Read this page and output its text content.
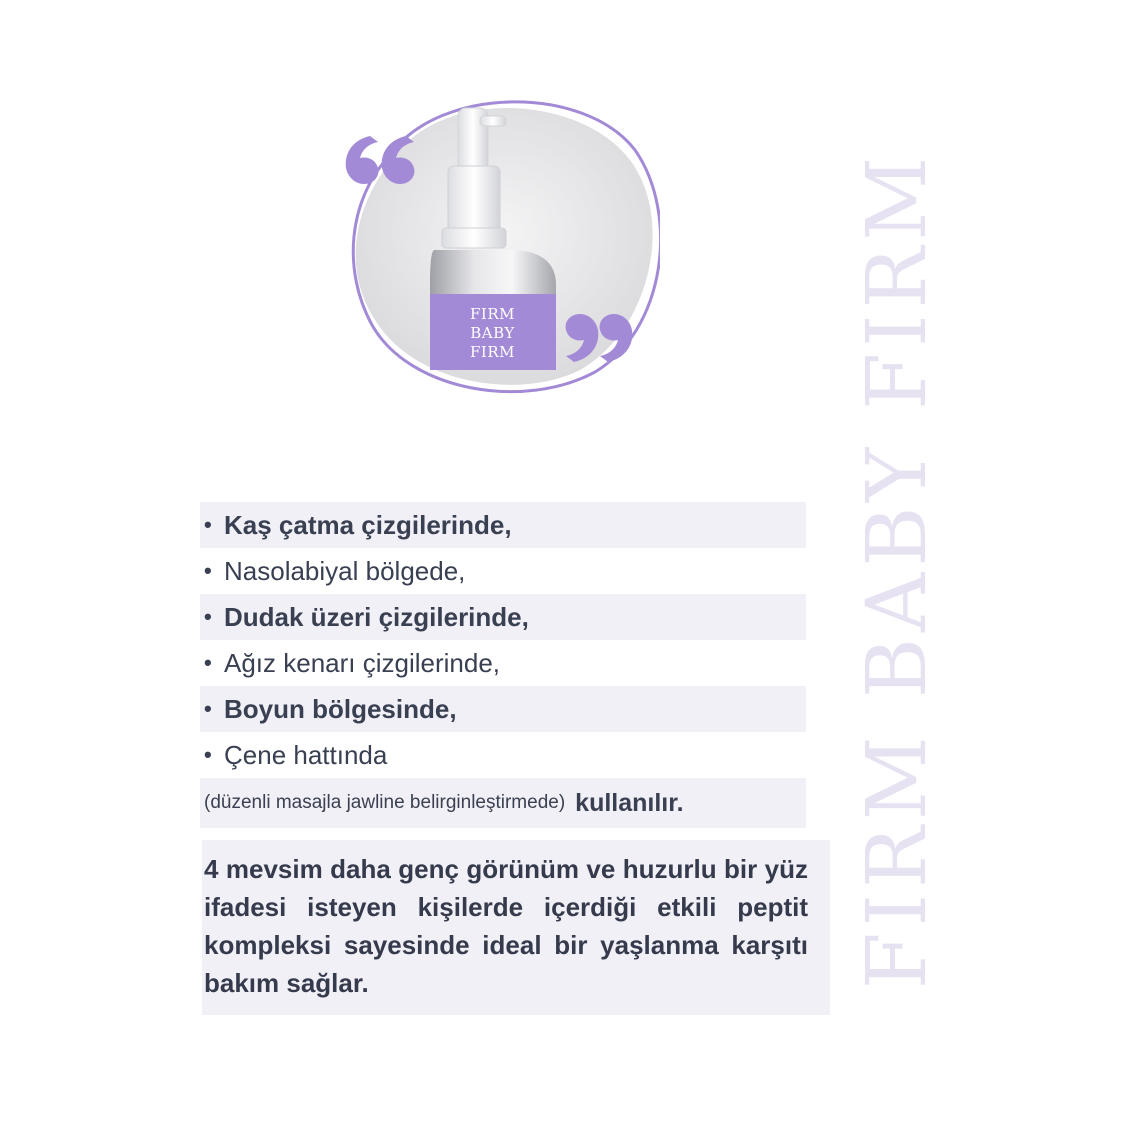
FIRM BABY FIRM
FIRM
BABY
FIRM
• Kaş çatma çizgilerinde,
• Nasolabiyal bölgede,
• Dudak üzeri çizgilerinde,
• Ağız kenarı çizgilerinde,
• Boyun bölgesinde,
• Çene hattında
(düzenli masajla jawline belirginleştirmede) kullanılır.
4 mevsim daha genç görünüm ve huzurlu bir yüz ifadesi isteyen kişilerde içerdiği etkili peptit kompleksi sayesinde ideal bir yaşlanma karşıtı bakım sağlar.
